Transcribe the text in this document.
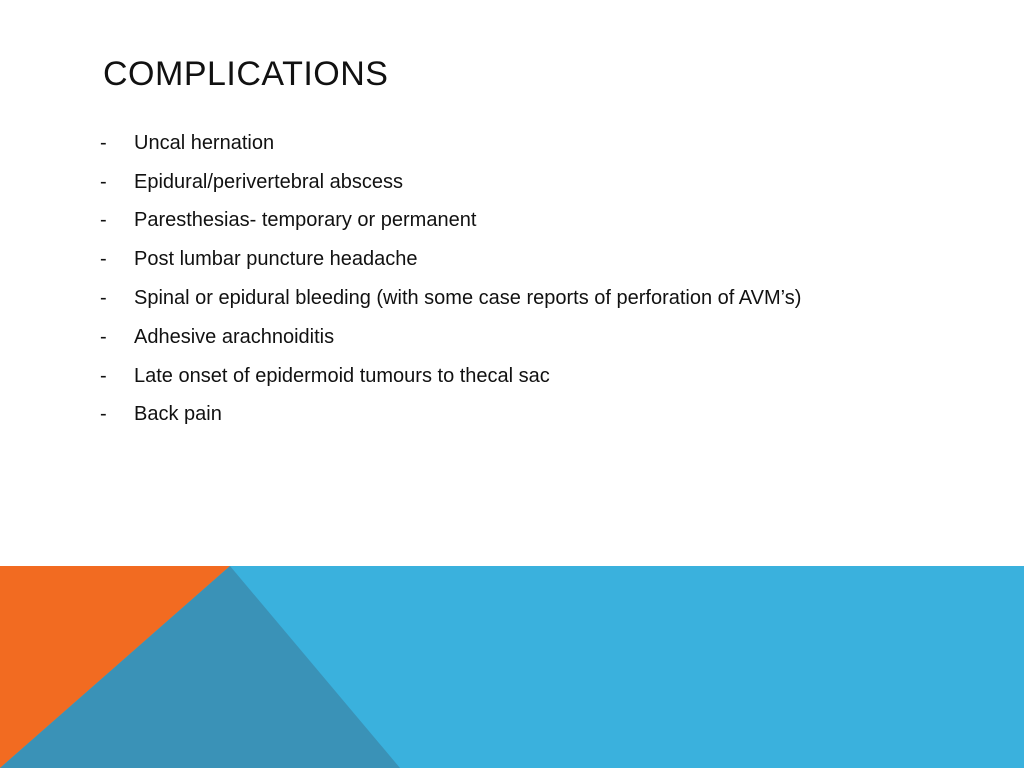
COMPLICATIONS
-	Uncal hernation
-	Epidural/perivertebral abscess
-	Paresthesias- temporary or permanent
-	Post lumbar puncture headache
-	Spinal or epidural bleeding (with some case reports of perforation of AVM’s)
-	Adhesive arachnoiditis
-	Late onset of epidermoid tumours to thecal sac
-	Back pain
